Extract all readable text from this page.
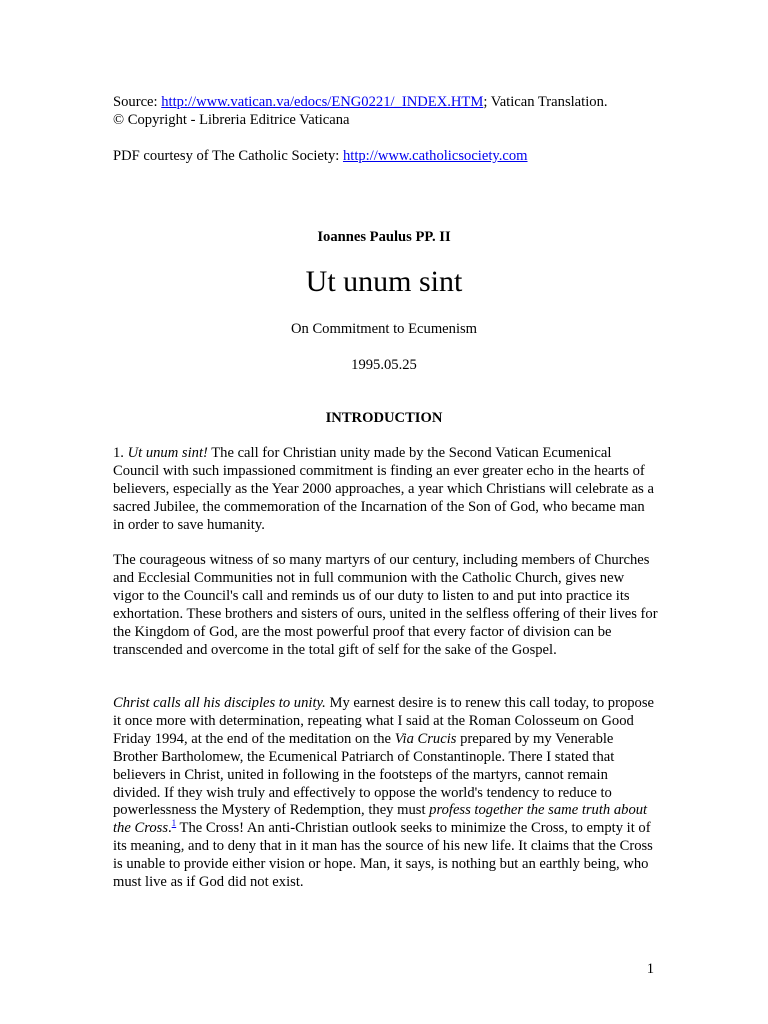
Source: http://www.vatican.va/edocs/ENG0221/_INDEX.HTM; Vatican Translation.
© Copyright - Libreria Editrice Vaticana
PDF courtesy of The Catholic Society: http://www.catholicsociety.com
Ioannes Paulus PP. II
Ut unum sint
On Commitment to Ecumenism
1995.05.25
INTRODUCTION

1. Ut unum sint! The call for Christian unity made by the Second Vatican Ecumenical Council with such impassioned commitment is finding an ever greater echo in the hearts of believers, especially as the Year 2000 approaches, a year which Christians will celebrate as a sacred Jubilee, the commemoration of the Incarnation of the Son of God, who became man in order to save humanity.

The courageous witness of so many martyrs of our century, including members of Churches and Ecclesial Communities not in full communion with the Catholic Church, gives new vigor to the Council's call and reminds us of our duty to listen to and put into practice its exhortation. These brothers and sisters of ours, united in the selfless offering of their lives for the Kingdom of God, are the most powerful proof that every factor of division can be transcended and overcome in the total gift of self for the sake of the Gospel.

Christ calls all his disciples to unity. My earnest desire is to renew this call today, to propose it once more with determination, repeating what I said at the Roman Colosseum on Good Friday 1994, at the end of the meditation on the Via Crucis prepared by my Venerable Brother Bartholomew, the Ecumenical Patriarch of Constantinople. There I stated that believers in Christ, united in following in the footsteps of the martyrs, cannot remain divided. If they wish truly and effectively to oppose the world's tendency to reduce to powerlessness the Mystery of Redemption, they must profess together the same truth about the Cross.$^1$ The Cross! An anti-Christian outlook seeks to minimize the Cross, to empty it of its meaning, and to deny that in it man has the source of his new life. It claims that the Cross is unable to provide either vision or hope. Man, it says, is nothing but an earthly being, who must live as if God did not exist.

1
